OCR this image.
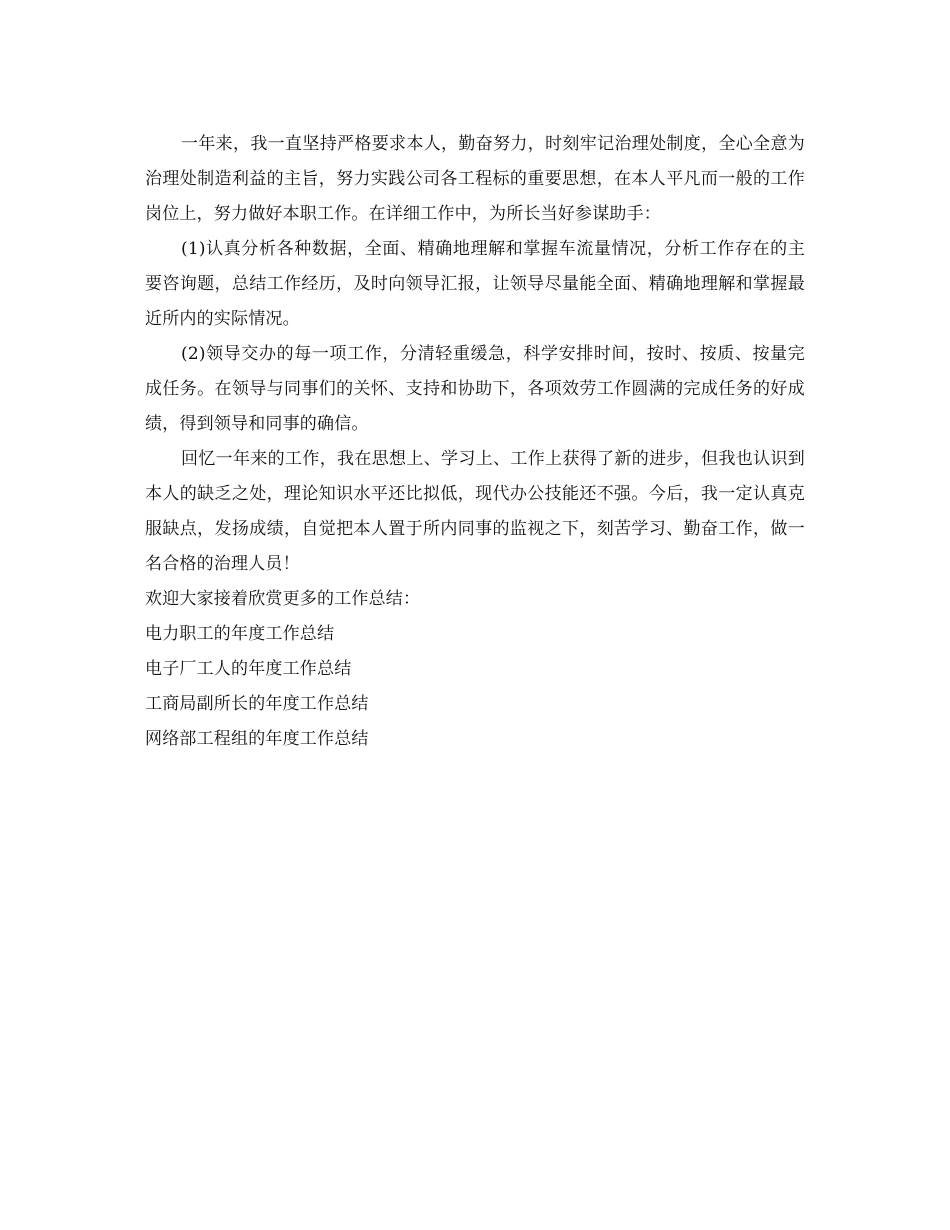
一年来，我一直坚持严格要求本人，勤奋努力，时刻牢记治理处制度，全心全意为治理处制造利益的主旨，努力实践公司各工程标的重要思想，在本人平凡而一般的工作岗位上，努力做好本职工作。在详细工作中，为所长当好参谋助手：

(1)认真分析各种数据，全面、精确地理解和掌握车流量情况，分析工作存在的主要咨询题，总结工作经历，及时向领导汇报，让领导尽量能全面、精确地理解和掌握最近所内的实际情况。

(2)领导交办的每一项工作，分清轻重缓急，科学安排时间，按时、按质、按量完成任务。在领导与同事们的关怀、支持和协助下，各项效劳工作圆满的完成任务的好成绩，得到领导和同事的确信。

回忆一年来的工作，我在思想上、学习上、工作上获得了新的进步，但我也认识到本人的缺乏之处，理论知识水平还比拟低，现代办公技能还不强。今后，我一定认真克服缺点，发扬成绩，自觉把本人置于所内同事的监视之下，刻苦学习、勤奋工作，做一名合格的治理人员！

欢迎大家接着欣赏更多的工作总结：

电力职工的年度工作总结
电子厂工人的年度工作总结
工商局副所长的年度工作总结
网络部工程组的年度工作总结
